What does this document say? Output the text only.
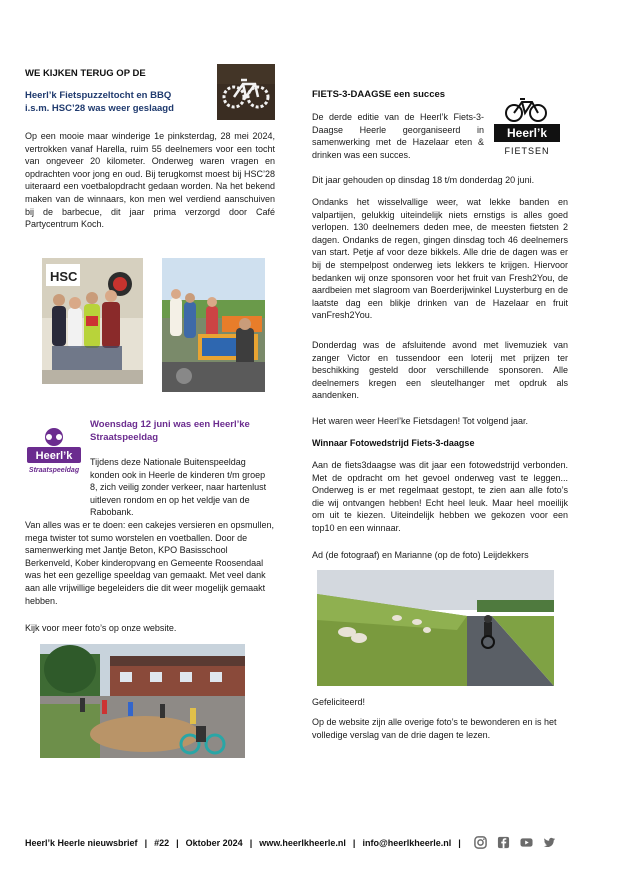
WE KIJKEN TERUG OP DE
Heerl’k Fietspuzzeltocht en BBQ
i.s.m. HSC’28 was weer geslaagd

Op een mooie maar winderige 1e pinksterdag, 28 mei 2024, vertrokken vanaf Harella, ruim 55 deelnemers voor een tocht van ongeveer 20 kilometer. Onderweg waren vragen en opdrachten voor jong en oud. Bij terugkomst moest bij HSC’28 uiteraard een voetbalopdracht gedaan worden. Na het bekend maken van de winnaars, kon men wel verdiend aanschuiven bij de barbecue, dit jaar prima verzorgd door Café Partycentrum Koch.

HSC
Heerl’k
Straatspeeldag
Woensdag 12 juni was een Heerl’ke
Straatspeeldag

Tijdens deze Nationale Buitenspeeldag konden ook in Heerle de kinderen t/m groep 8, zich veilig zonder verkeer, naar hartenlust uitleven rondom en op het veldje van de Rabobank.

Van alles was er te doen: een cakejes versieren en opsmullen, mega twister tot sumo worstelen en voetballen. Door de samenwerking met Jantje Beton, KPO Basisschool Berkenveld, Kober kinderopvang en Gemeente Roosendaal was het een gezellige speeldag van gemaakt. Met veel dank aan alle vrijwillige begeleiders die dit weer mogelijk gemaakt hebben.

Kijk voor meer foto’s op onze website.

FIETS-3-DAAGSE een succes
Heerl’k
FIETSEN

De derde editie van de Heerl’k Fiets-3-Daagse Heerle georganiseerd in samenwerking met de Hazelaar eten & drinken was een succes.

Dit jaar gehouden op dinsdag 18 t/m donderdag 20 juni.

Ondanks het wisselvallige weer, wat lekke banden en valpartijen, gelukkig uiteindelijk niets ernstigs is alles goed verlopen. 130 deelnemers deden mee, de meesten fietsten 2 dagen. Ondanks de regen, gingen dinsdag toch 46 deelnemers van start. Petje af voor deze bikkels. Alle drie de dagen was er bij de stempelpost onderweg iets lekkers te krijgen. Hiervoor bedanken wij onze sponsoren voor het fruit van Fresh2You, de aardbeien met slagroom van Boerderijwinkel Luysterburg en de laatste dag een blikje drinken van de Hazelaar en fruit vanFresh2You.

Donderdag was de afsluitende avond met livemuziek van zanger Victor en tussendoor een loterij met prijzen ter beschikking gesteld door verschillende sponsoren. Alle deelnemers kregen een sleutelhanger met opdruk als aandenken.

Het waren weer Heerl’ke Fietsdagen! Tot volgend jaar.

Winnaar Fotowedstrijd Fiets-3-daagse

Aan de fiets3daagse was dit jaar een fotowedstrijd verbonden. Met de opdracht om het gevoel onderweg vast te leggen... Onderweg is er met regelmaat gestopt, te zien aan alle foto’s die wij ontvangen hebben! Echt heel leuk. Maar heel moeilijk om uit te kiezen. Uiteindelijk hebben we gekozen voor een top10 en een winnaar.

Ad (de fotograaf) en Marianne (op de foto) Leijdekkers

Gefeliciteerd!

Op de website zijn alle overige foto’s te bewonderen en is het volledige verslag van de drie dagen te lezen.

Heerl’k Heerle nieuwsbrief | #22 | Oktober 2024 | www.heerlkheerle.nl | info@heerlkheerle.nl |
